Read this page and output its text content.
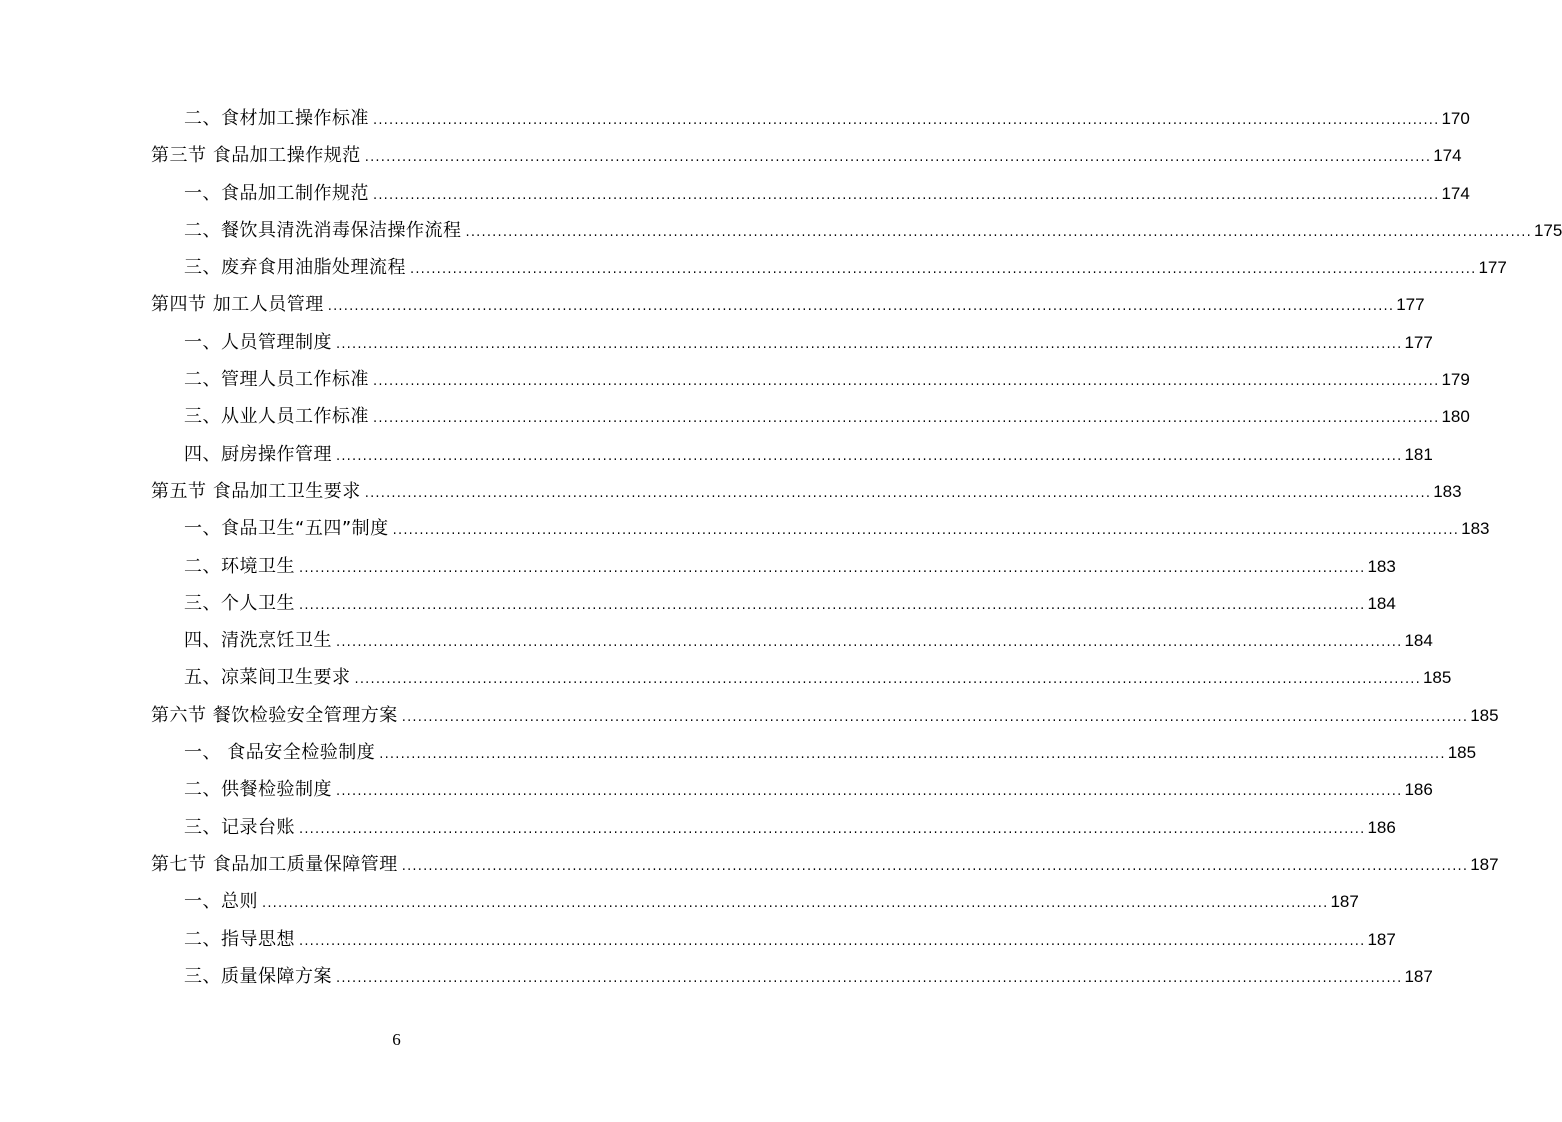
二、食材加工操作标准 ........................................................................................................................................................................................................ 170
第三节 食品加工操作规范 ........................................................................................................................................................................................................ 174
一、食品加工制作规范 ........................................................................................................................................................................................................ 174
二、餐饮具清洗消毒保洁操作流程 ........................................................................................................................................................................................................ 175
三、废弃食用油脂处理流程 ........................................................................................................................................................................................................ 177
第四节 加工人员管理 ........................................................................................................................................................................................................ 177
一、人员管理制度 ........................................................................................................................................................................................................ 177
二、管理人员工作标准 ........................................................................................................................................................................................................ 179
三、从业人员工作标准 ........................................................................................................................................................................................................ 180
四、厨房操作管理 ........................................................................................................................................................................................................ 181
第五节 食品加工卫生要求 ........................................................................................................................................................................................................ 183
一、食品卫生“五四”制度 ........................................................................................................................................................................................................ 183
二、环境卫生 ........................................................................................................................................................................................................ 183
三、个人卫生 ........................................................................................................................................................................................................ 184
四、清洗烹饪卫生 ........................................................................................................................................................................................................ 184
五、凉菜间卫生要求 ........................................................................................................................................................................................................ 185
第六节 餐饮检验安全管理方案 ........................................................................................................................................................................................................ 185
一、 食品安全检验制度 ........................................................................................................................................................................................................ 185
二、供餐检验制度 ........................................................................................................................................................................................................ 186
三、记录台账 ........................................................................................................................................................................................................ 186
第七节 食品加工质量保障管理 ........................................................................................................................................................................................................ 187
一、总则 ........................................................................................................................................................................................................ 187
二、指导思想 ........................................................................................................................................................................................................ 187
三、质量保障方案 ........................................................................................................................................................................................................ 187
6
